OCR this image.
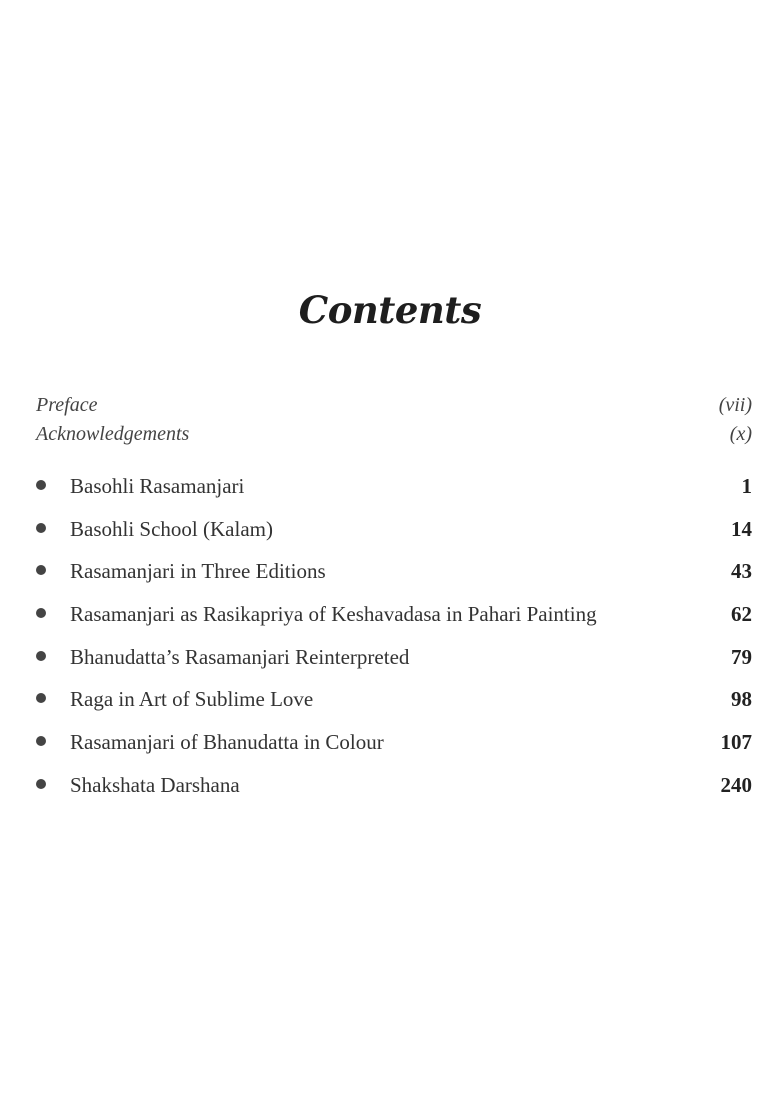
Contents
Preface	(vii)
Acknowledgements	(x)
Basohli Rasamanjari	1
Basohli School (Kalam)	14
Rasamanjari in Three Editions	43
Rasamanjari as Rasikapriya of Keshavadasa in Pahari Painting	62
Bhanudatta’s Rasamanjari Reinterpreted	79
Raga in Art of Sublime Love	98
Rasamanjari of Bhanudatta in Colour	107
Shakshata Darshana	240
